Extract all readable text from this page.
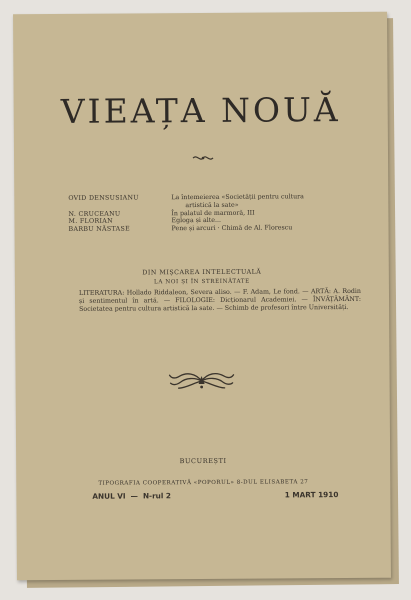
VIEAȚA NOUĂ
OVID DENSUSIANU	La întemeierea «Societății pentru cultura
artistică la sate»
N. CRUCEANU	În palatul de marmoră, III
M. FLORIAN	Egloga și alte...
BARBU NĂSTASE	Pene și arcuri · Chimă de Al. Florescu
DIN MIȘCAREA INTELECTUALĂ
LA NOI ȘI ÎN STREINĂTATE
LITERATURA: Hollado Riddaleon, Severa aliso. — F. Adam, Le fond. — ARTĂ: A. Rodin și sentimentul în artă. — FILOLOGIE: Dicționarul Academiei. — ÎNVĂȚĂMÂNT: Societatea pentru cultura artistică la sate. — Schimb de profesori între Universități.
BUCUREȘTI
TIPOGRAFIA COOPERATIVĂ «POPORUL» 8-DUL ELISABETA 27
ANUL VI — N-rul 2	1 MART 1910
